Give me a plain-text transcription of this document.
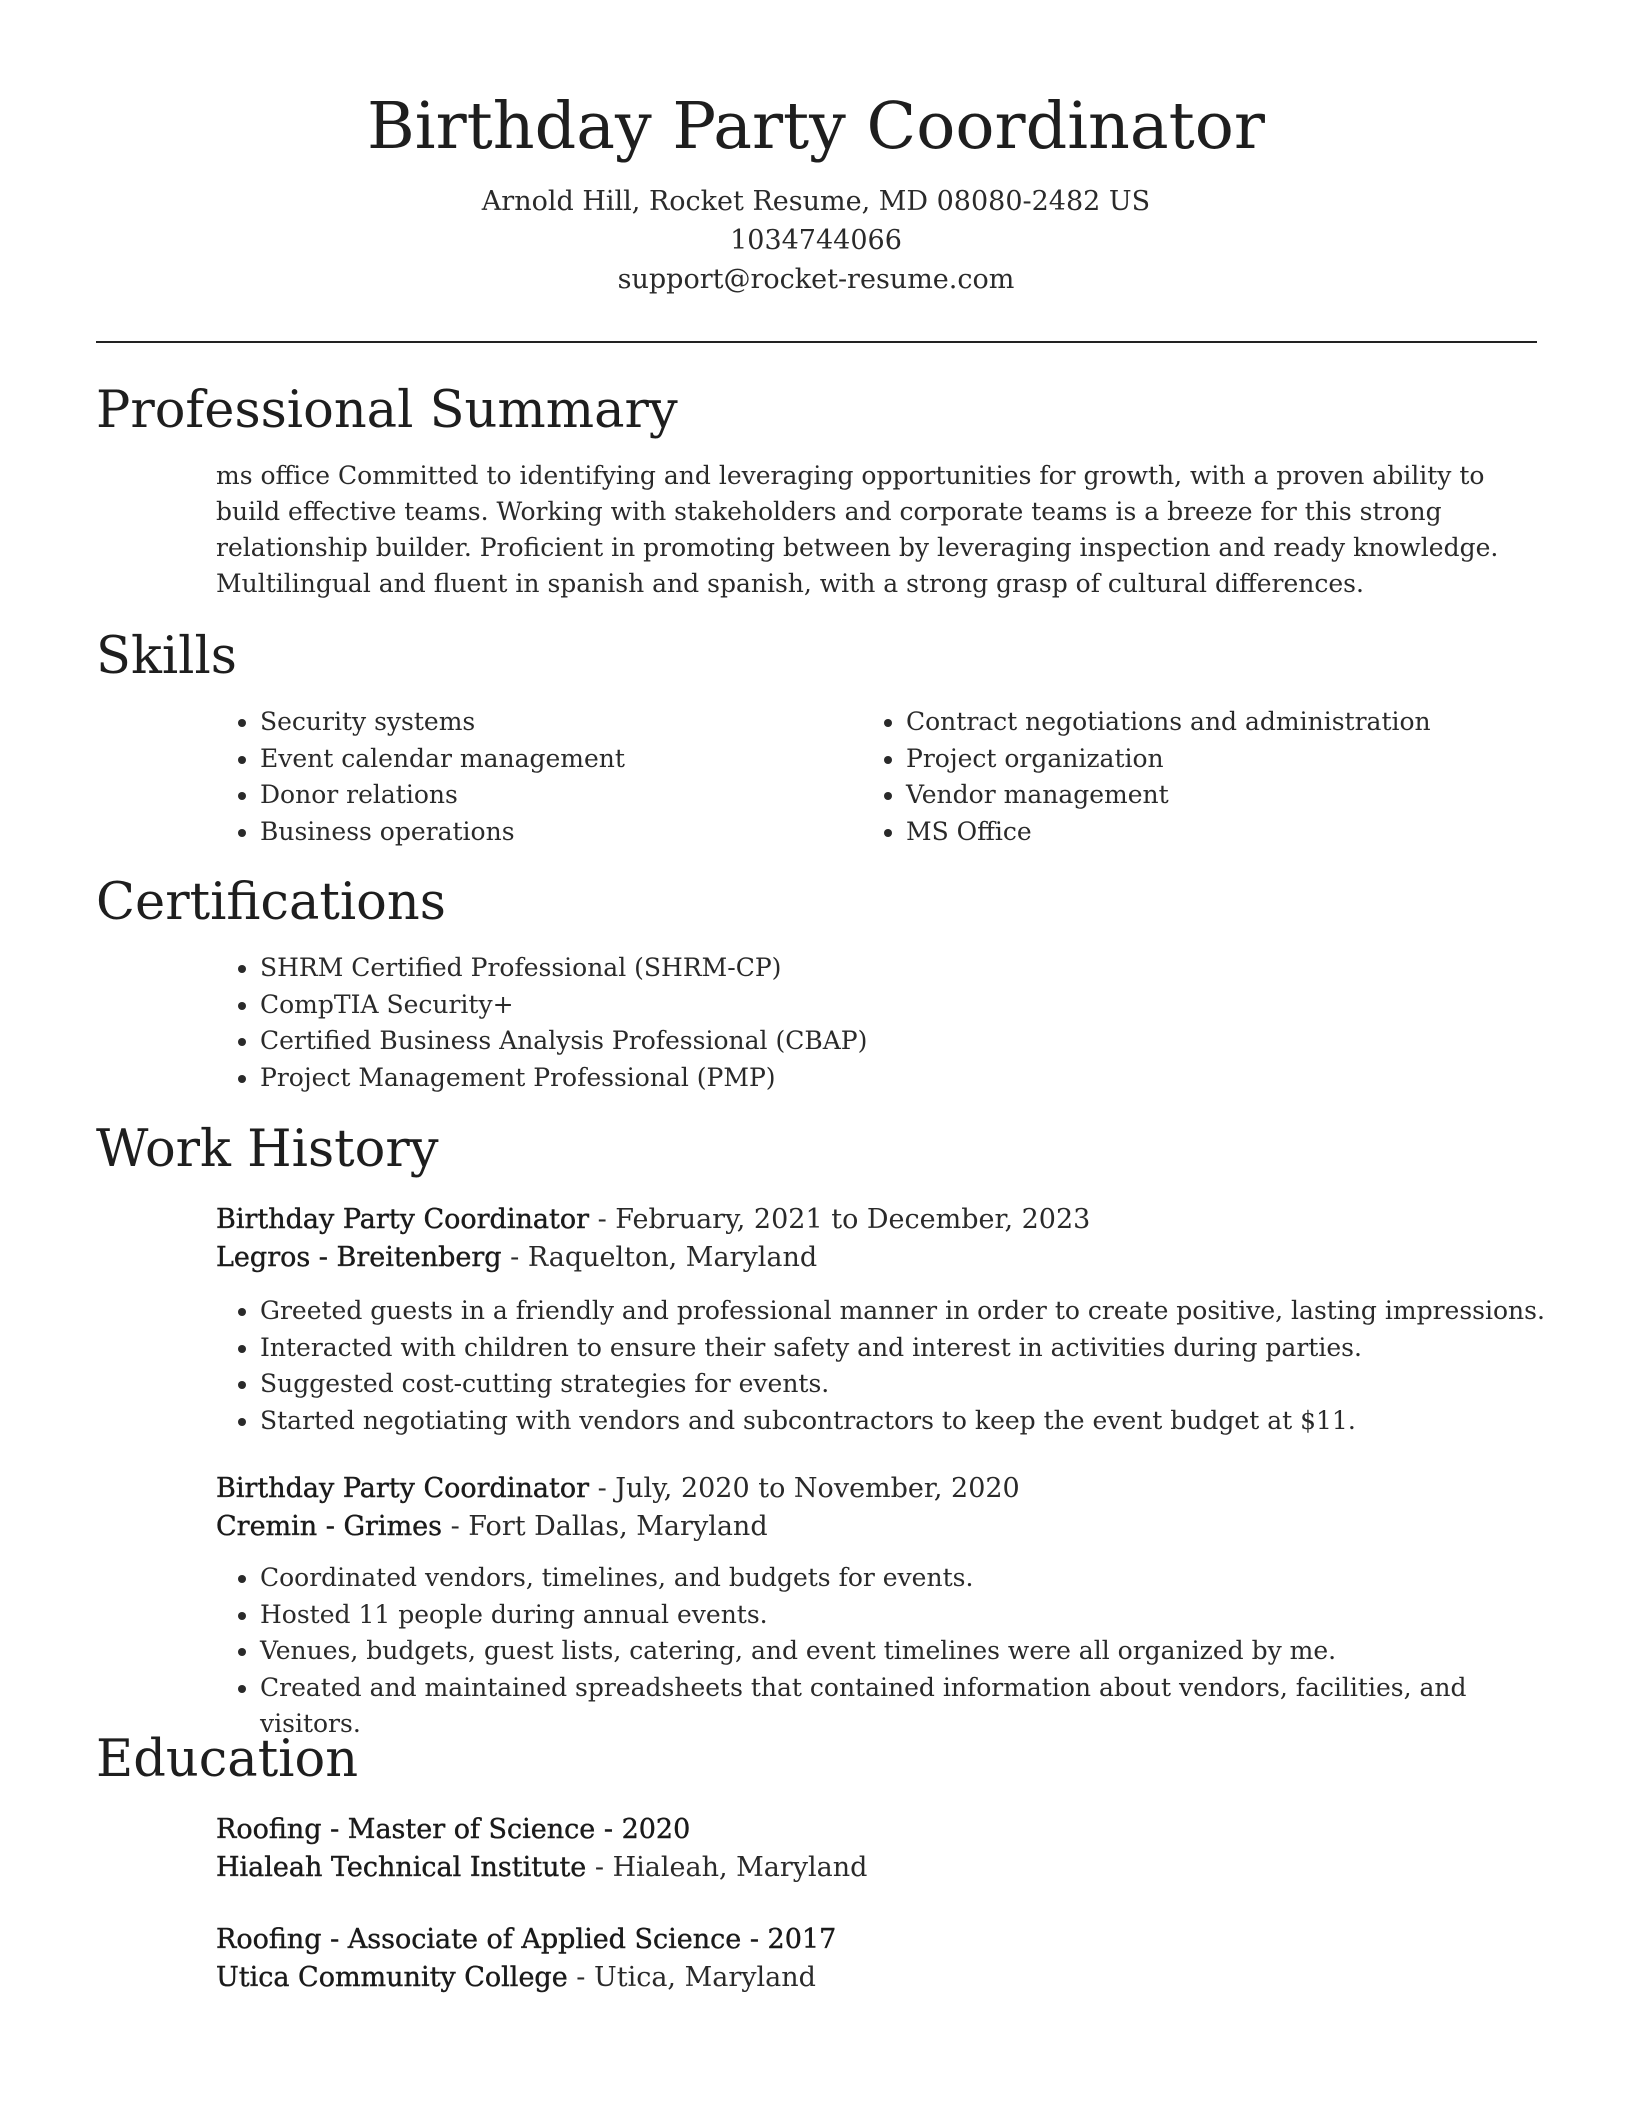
Birthday Party Coordinator
Arnold Hill, Rocket Resume, MD 08080-2482 US
1034744066
support@rocket-resume.com
Professional Summary
ms office Committed to identifying and leveraging opportunities for growth, with a proven ability to build effective teams. Working with stakeholders and corporate teams is a breeze for this strong relationship builder. Proficient in promoting between by leveraging inspection and ready knowledge. Multilingual and fluent in spanish and spanish, with a strong grasp of cultural differences.
Skills
• Security systems
• Event calendar management
• Donor relations
• Business operations
• Contract negotiations and administration
• Project organization
• Vendor management
• MS Office
Certifications
• SHRM Certified Professional (SHRM-CP)
• CompTIA Security+
• Certified Business Analysis Professional (CBAP)
• Project Management Professional (PMP)
Work History
Birthday Party Coordinator - February, 2021 to December, 2023
Legros - Breitenberg - Raquelton, Maryland
• Greeted guests in a friendly and professional manner in order to create positive, lasting impressions.
• Interacted with children to ensure their safety and interest in activities during parties.
• Suggested cost-cutting strategies for events.
• Started negotiating with vendors and subcontractors to keep the event budget at $11.
Birthday Party Coordinator - July, 2020 to November, 2020
Cremin - Grimes - Fort Dallas, Maryland
• Coordinated vendors, timelines, and budgets for events.
• Hosted 11 people during annual events.
• Venues, budgets, guest lists, catering, and event timelines were all organized by me.
• Created and maintained spreadsheets that contained information about vendors, facilities, and visitors.
Education
Roofing - Master of Science - 2020
Hialeah Technical Institute - Hialeah, Maryland
Roofing - Associate of Applied Science - 2017
Utica Community College - Utica, Maryland
